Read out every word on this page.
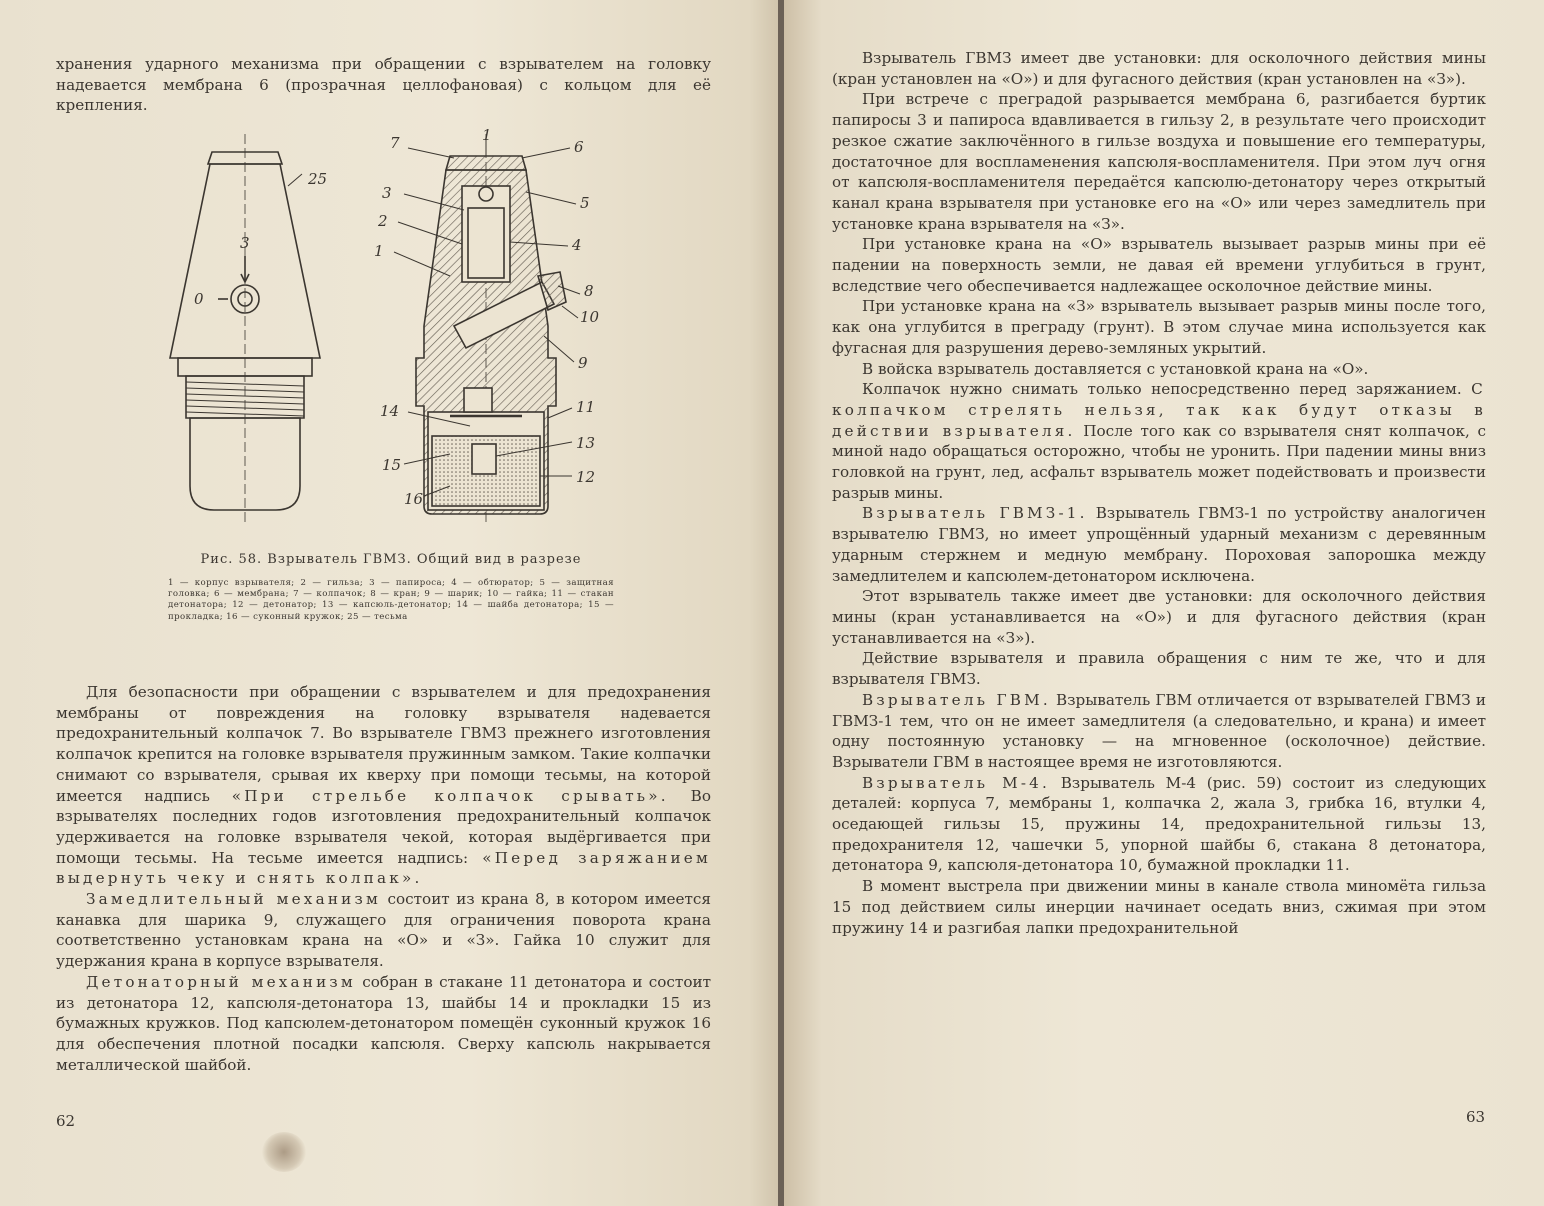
хранения ударного механизма при обращении с взрывателем на головку надевается мембрана 6 (прозрачная целлофановая) с кольцом для её крепления.

25
3
0
7	1
6
3
2
1
5
4
8
10
9
11
14
13
15
12
16
Рис. 58. Взрыватель ГВМЗ. Общий вид в разрезе
1 — корпус взрывателя; 2 — гильза; 3 — папироса; 4 — обтюратор; 5 — защитная головка; 6 — мембрана; 7 — колпачок; 8 — кран; 9 — шарик; 10 — гайка; 11 — стакан детонатора; 12 — детонатор; 13 — капсюль-детонатор; 14 — шайба детонатора; 15 — прокладка; 16 — суконный кружок; 25 — тесьма

Для безопасности при обращении с взрывателем и для предохранения мембраны от повреждения на головку взрывателя надевается предохранительный колпачок 7. Во взрывателе ГВМЗ прежнего изготовления колпачок крепится на головке взрывателя пружинным замком. Такие колпачки снимают со взрывателя, срывая их кверху при помощи тесьмы, на которой имеется надпись «При стрельбе колпачок срывать». Во взрывателях последних годов изготовления предохранительный колпачок удерживается на головке взрывателя чекой, которая выдёргивается при помощи тесьмы. На тесьме имеется надпись: «Перед заряжанием выдернуть чеку и снять колпак».

Замедлительный механизм состоит из крана 8, в котором имеется канавка для шарика 9, служащего для ограничения поворота крана соответственно установкам крана на «О» и «З». Гайка 10 служит для удержания крана в корпусе взрывателя.

Детонаторный механизм собран в стакане 11 детонатора и состоит из детонатора 12, капсюля-детонатора 13, шайбы 14 и прокладки 15 из бумажных кружков. Под капсюлем-детонатором помещён суконный кружок 16 для обеспечения плотной посадки капсюля. Сверху капсюль накрывается металлической шайбой.

62

Взрыватель ГВМЗ имеет две установки: для осколочного действия мины (кран установлен на «О») и для фугасного действия (кран установлен на «З»).

При встрече с преградой разрывается мембрана 6, разгибается буртик папиросы 3 и папироса вдавливается в гильзу 2, в результате чего происходит резкое сжатие заключённого в гильзе воздуха и повышение его температуры, достаточное для воспламенения капсюля-воспламенителя. При этом луч огня от капсюля-воспламенителя передаётся капсюлю-детонатору через открытый канал крана взрывателя при установке его на «О» или через замедлитель при установке крана взрывателя на «З».

При установке крана на «О» взрыватель вызывает разрыв мины при её падении на поверхность земли, не давая ей времени углубиться в грунт, вследствие чего обеспечивается надлежащее осколочное действие мины.

При установке крана на «З» взрыватель вызывает разрыв мины после того, как она углубится в преграду (грунт). В этом случае мина используется как фугасная для разрушения дерево-земляных укрытий.

В войска взрыватель доставляется с установкой крана на «О».

Колпачок нужно снимать только непосредственно перед заряжанием. С колпачком стрелять нельзя, так как будут отказы в действии взрывателя. После того как со взрывателя снят колпачок, с миной надо обращаться осторожно, чтобы не уронить. При падении мины вниз головкой на грунт, лед, асфальт взрыватель может подействовать и произвести разрыв мины.

Взрыватель ГВМЗ-1. Взрыватель ГВМЗ-1 по устройству аналогичен взрывателю ГВМЗ, но имеет упрощённый ударный механизм с деревянным ударным стержнем и медную мембрану. Пороховая запорошка между замедлителем и капсюлем-детонатором исключена.

Этот взрыватель также имеет две установки: для осколочного действия мины (кран устанавливается на «О») и для фугасного действия (кран устанавливается на «З»).

Действие взрывателя и правила обращения с ним те же, что и для взрывателя ГВМЗ.

Взрыватель ГВМ. Взрыватель ГВМ отличается от взрывателей ГВМЗ и ГВМЗ-1 тем, что он не имеет замедлителя (а следовательно, и крана) и имеет одну постоянную установку — на мгновенное (осколочное) действие. Взрыватели ГВМ в настоящее время не изготовляются.

Взрыватель М-4. Взрыватель М-4 (рис. 59) состоит из следующих деталей: корпуса 7, мембраны 1, колпачка 2, жала 3, грибка 16, втулки 4, оседающей гильзы 15, пружины 14, предохранительной гильзы 13, предохранителя 12, чашечки 5, упорной шайбы 6, стакана 8 детонатора, детонатора 9, капсюля-детонатора 10, бумажной прокладки 11.

В момент выстрела при движении мины в канале ствола миномёта гильза 15 под действием силы инерции начинает оседать вниз, сжимая при этом пружину 14 и разгибая лапки предохранительной

63
